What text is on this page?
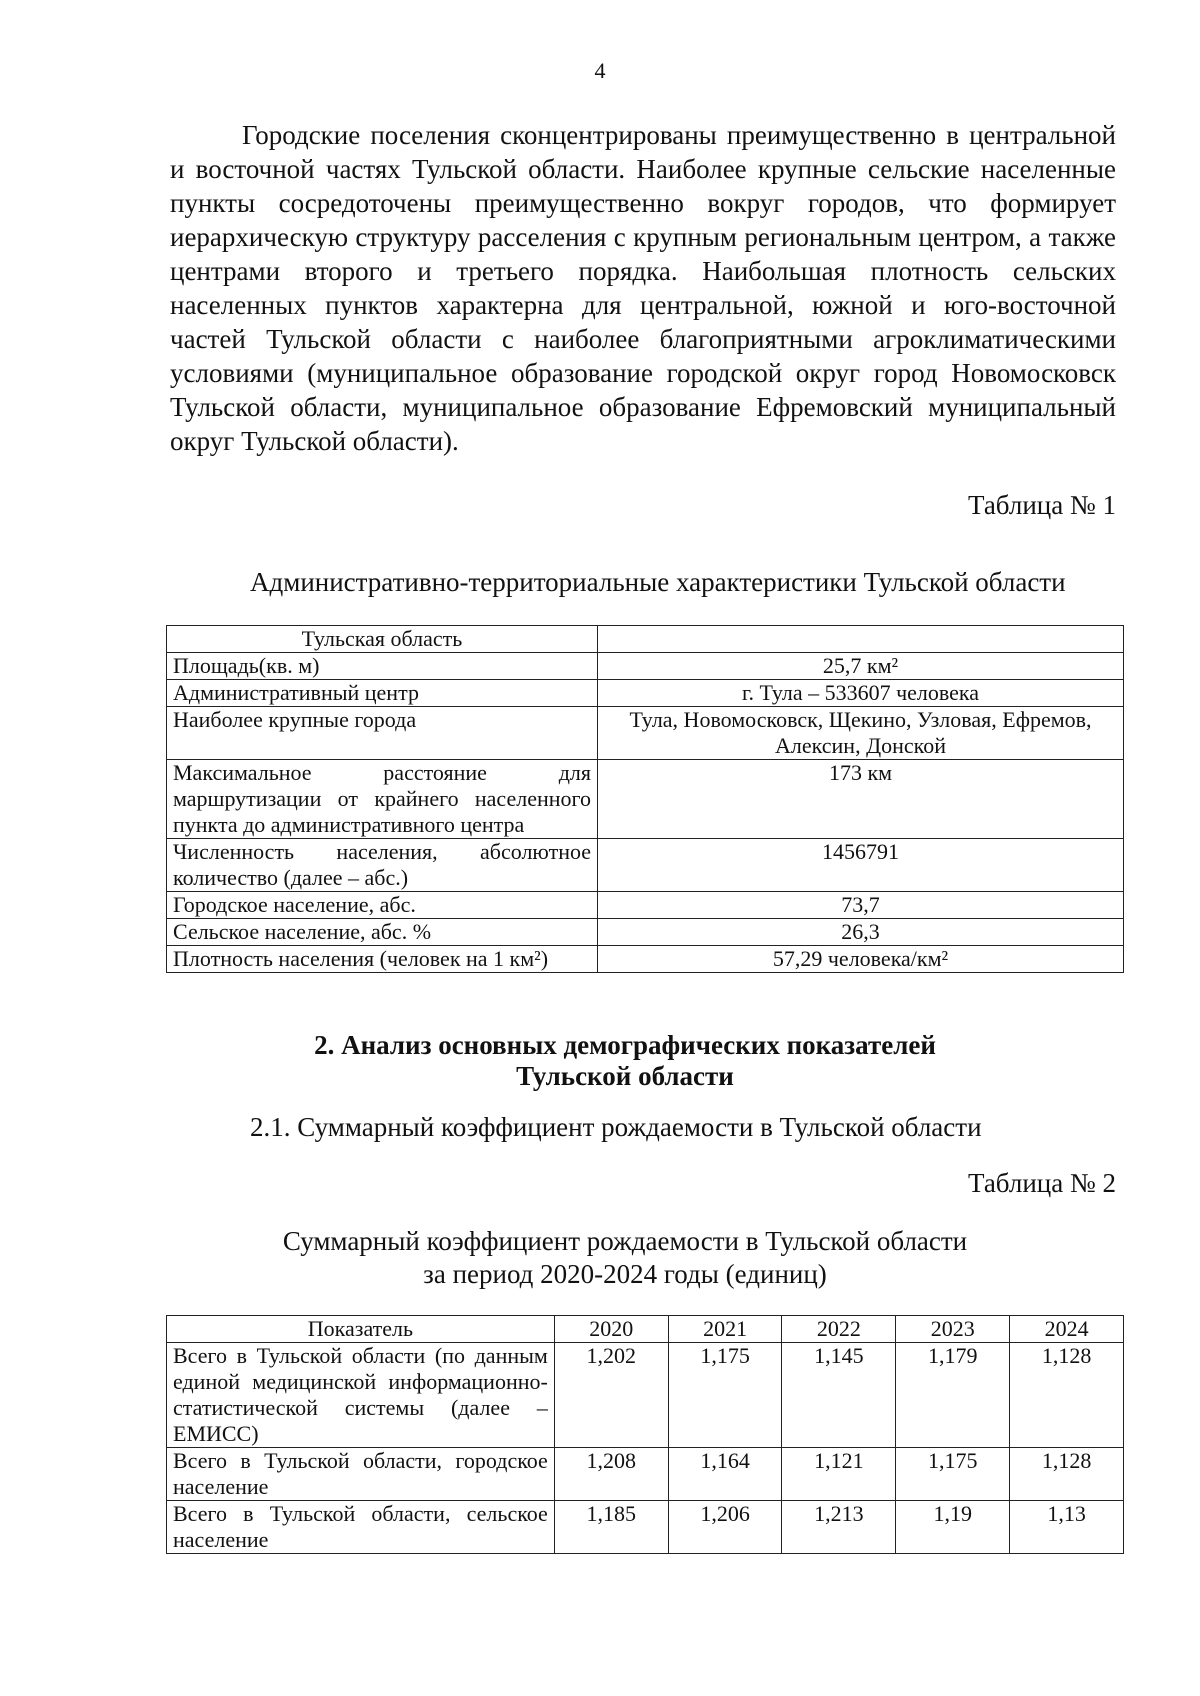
4
Городские поселения сконцентрированы преимущественно в центральной и восточной частях Тульской области. Наиболее крупные сельские населенные пункты сосредоточены преимущественно вокруг городов, что формирует иерархическую структуру расселения с крупным региональным центром, а также центрами второго и третьего порядка. Наибольшая плотность сельских населенных пунктов характерна для центральной, южной и юго-восточной частей Тульской области с наиболее благоприятными агроклиматическими условиями (муниципальное образование городской округ город Новомосковск Тульской области, муниципальное образование Ефремовский муниципальный округ Тульской области).
Таблица № 1
Административно-территориальные характеристики Тульской области
Тульская область	
Площадь(кв. м)	25,7 км²
Административный центр	г. Тула – 533607 человека
Наиболее крупные города	Тула, Новомосковск, Щекино, Узловая, Ефремов, Алексин, Донской
Максимальное расстояние для маршрутизации от крайнего населенного пункта до административного центра	173 км
Численность населения, абсолютное количество (далее – абс.)	1456791
Городское население, абс.	73,7
Сельское население, абс. %	26,3
Плотность населения (человек на 1 км²)	57,29 человека/км²
2. Анализ основных демографических показателей
Тульской области
2.1. Суммарный коэффициент рождаемости в Тульской области
Таблица № 2
Суммарный коэффициент рождаемости в Тульской области
за период 2020-2024 годы (единиц)
Показатель	2020	2021	2022	2023	2024
Всего в Тульской области (по данным единой медицинской информационно-статистической системы (далее – ЕМИСС)	1,202	1,175	1,145	1,179	1,128
Всего в Тульской области, городское население	1,208	1,164	1,121	1,175	1,128
Всего в Тульской области, сельское население	1,185	1,206	1,213	1,19	1,13
